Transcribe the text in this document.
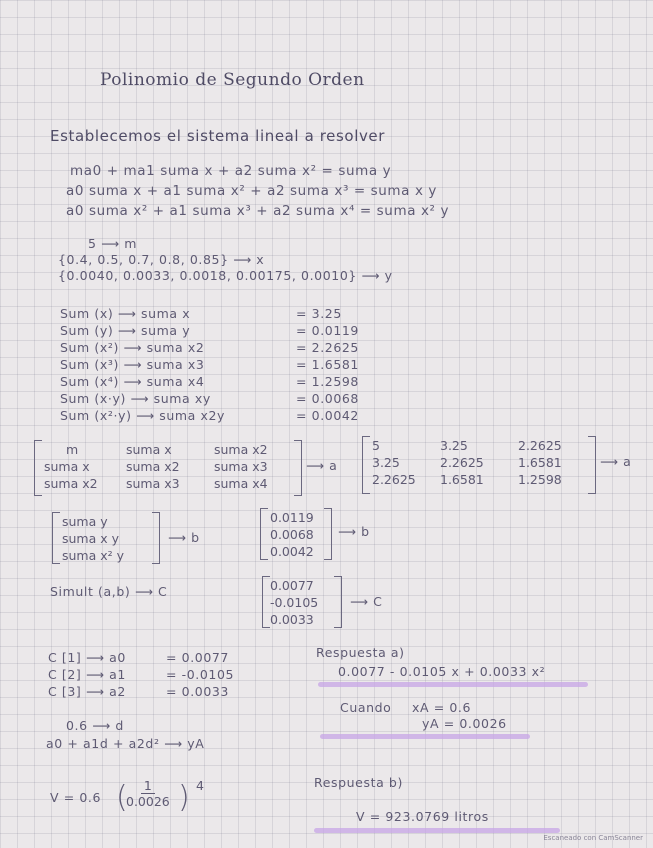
Polinomio de Segundo Orden
Establecemos el sistema lineal a resolver
ma0 + ma1 suma x + a2 suma x² = suma y
a0 suma x + a1 suma x² + a2 suma x³ = suma x y
a0 suma x² + a1 suma x³ + a2 suma x⁴ = suma x² y
5 ⟶ m
{0.4, 0.5, 0.7, 0.8, 0.85} ⟶ x
{0.0040, 0.0033, 0.0018, 0.00175, 0.0010} ⟶ y
Sum (x) ⟶ suma x	= 3.25
Sum (y) ⟶ suma y	= 0.0119
Sum (x²) ⟶ suma x2	= 2.2625
Sum (x³) ⟶ suma x3	= 1.6581
Sum (x⁴) ⟶ suma x4	= 1.2598
Sum (x·y) ⟶ suma xy	= 0.0068
Sum (x²·y) ⟶ suma x2y	= 0.0042
m	suma x	suma x2
suma x	suma x2	suma x3
suma x2	suma x3	suma x4
⟶ a
5	3.25	2.2625
3.25	2.2625	1.6581
2.2625	1.6581	1.2598
⟶ a
suma y
suma x y
suma x² y
⟶ b
0.0119
0.0068
0.0042
⟶ b
Simult (a,b) ⟶ C	0.0077
-0.0105
0.0033
⟶ C
C [1] ⟶ a0	= 0.0077
C [2] ⟶ a1	= -0.0105
C [3] ⟶ a2	= 0.0033
0.6 ⟶ d
a0 + a1d + a2d² ⟶ yA
Respuesta a)
0.0077 - 0.0105 x + 0.0033 x²
Cuando xA = 0.6
yA = 0.0026
V = 0.6 (
$\frac{1}{0.0026}$ ) 4	Respuesta b)
V = 923.0769 litros
Escaneado con CamScanner
